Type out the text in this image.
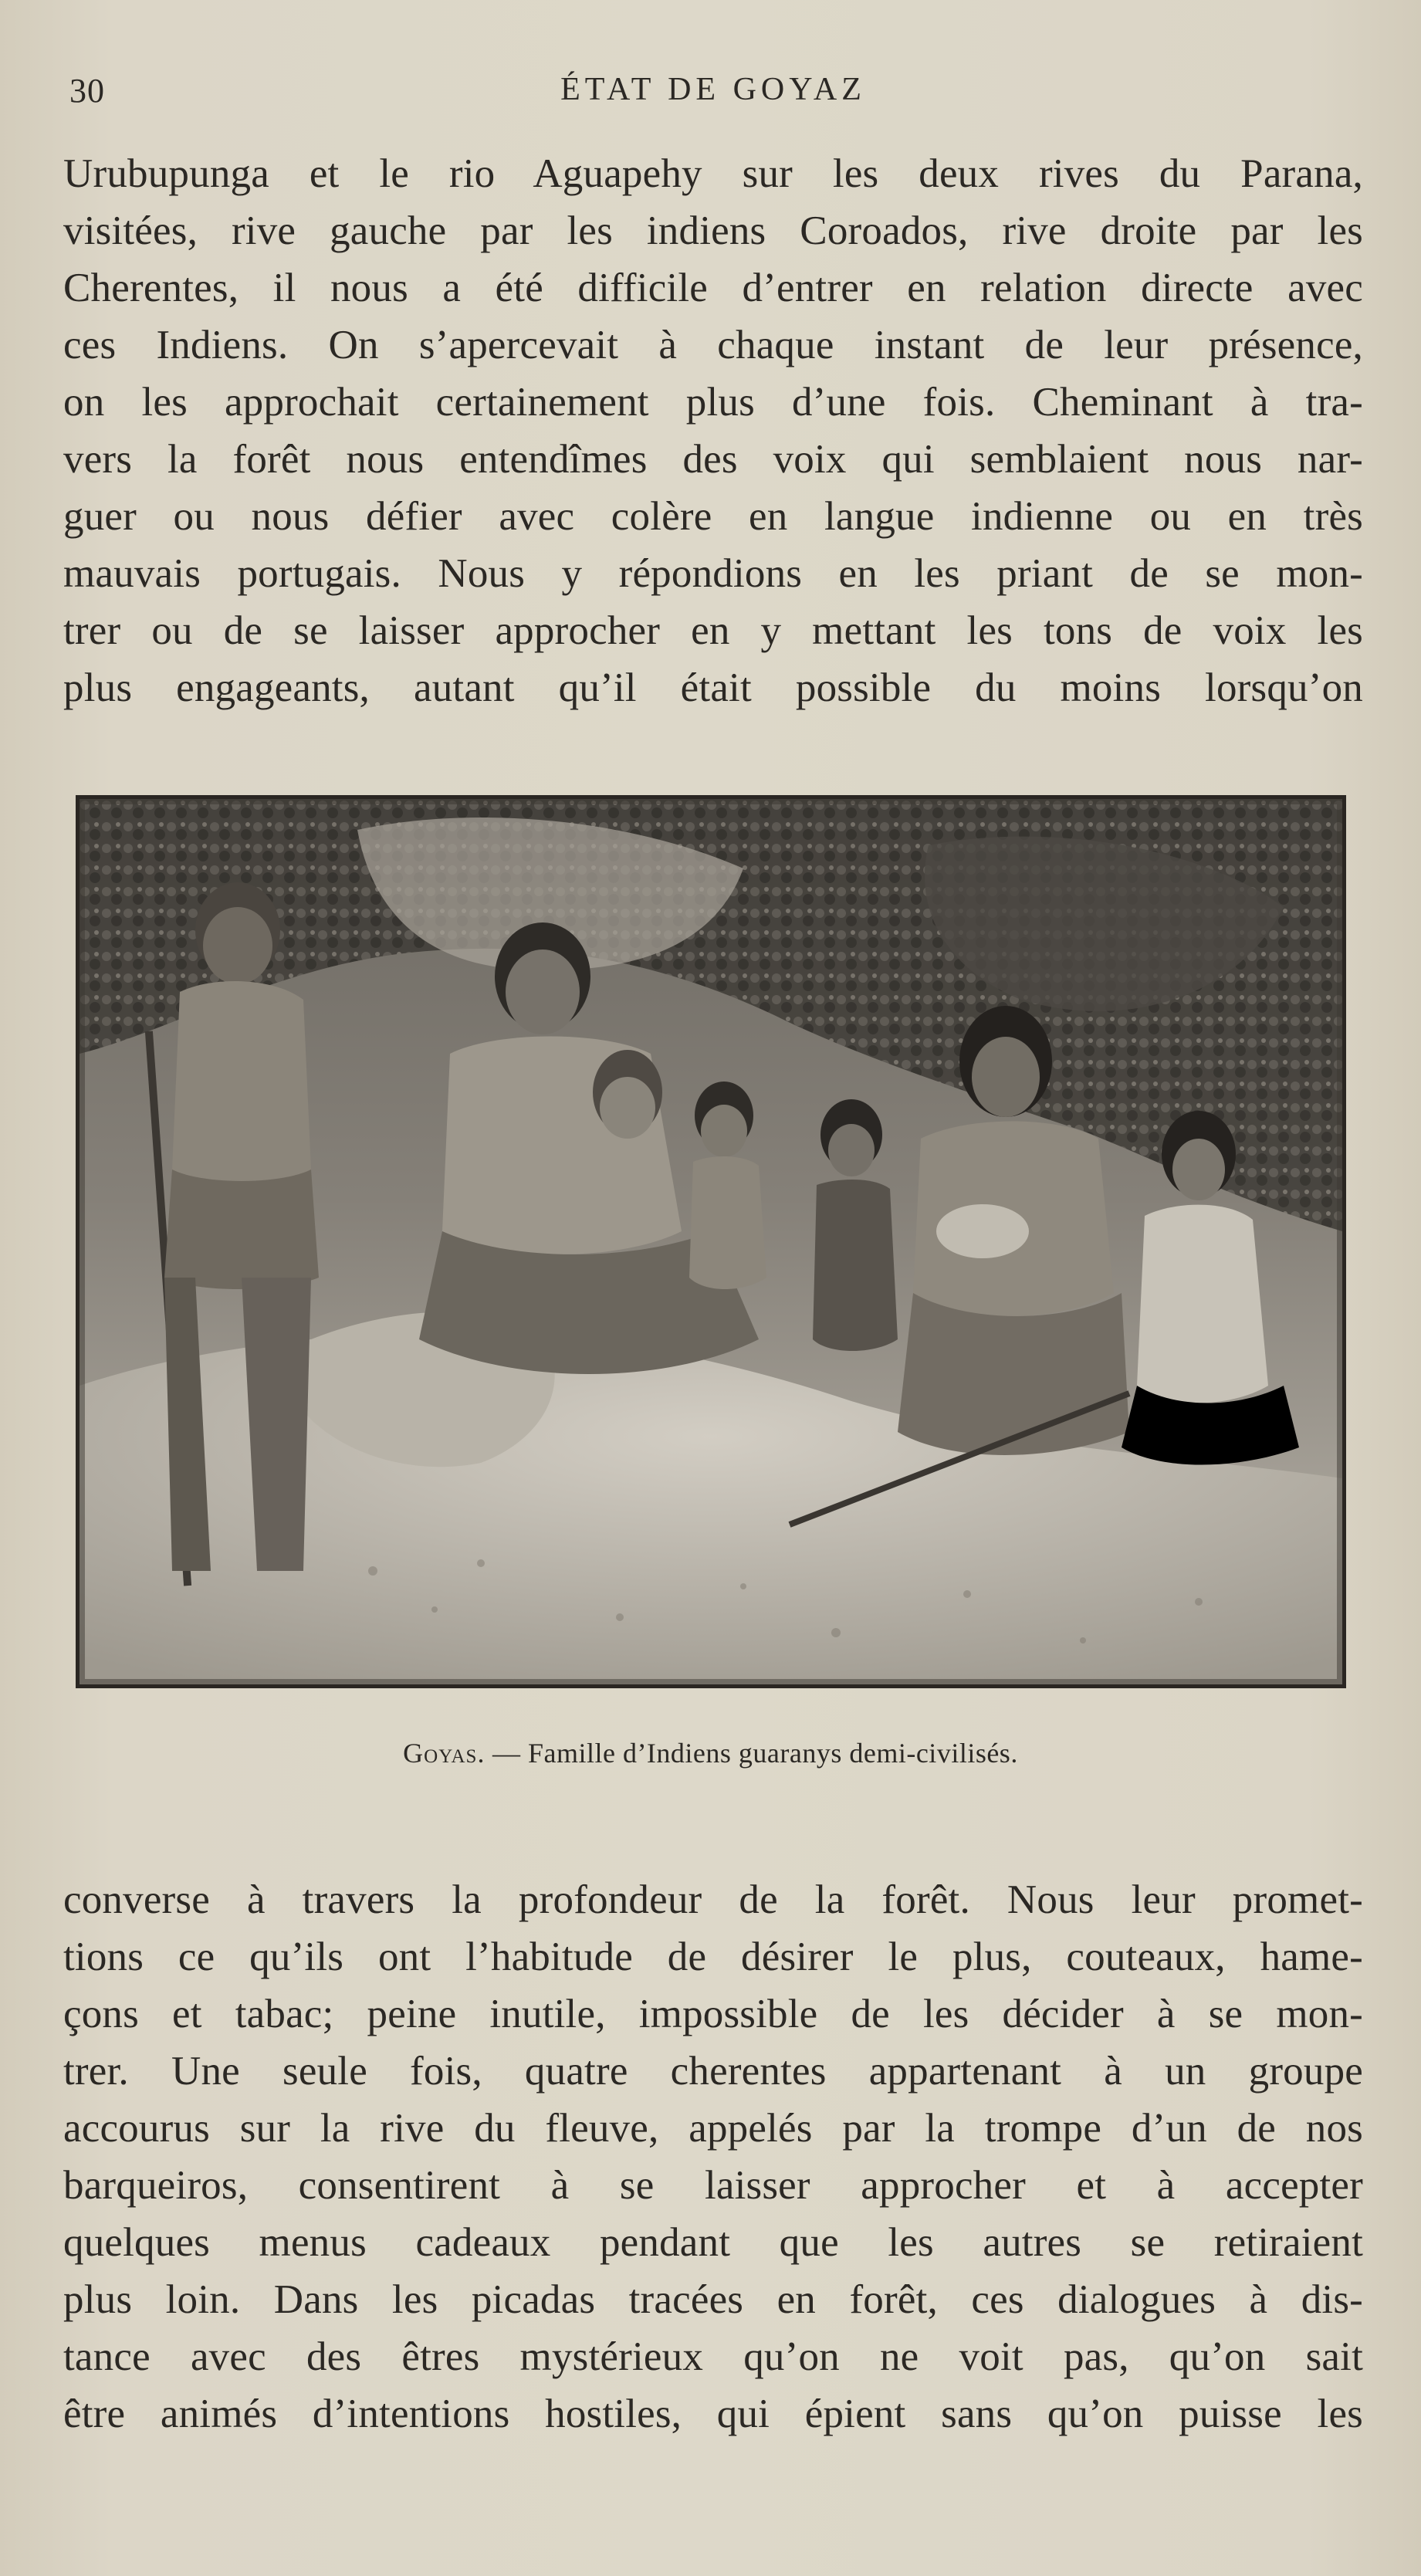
30	ÉTAT DE GOYAZ
Urubupunga et le rio Aguapehy sur les deux rives du Parana,
visitées, rive gauche par les indiens Coroados, rive droite par les
Cherentes, il nous a été difficile d’entrer en relation directe avec
ces Indiens. On s’apercevait à chaque instant de leur présence,
on les approchait certainement plus d’une fois. Cheminant à tra-
vers la forêt nous entendîmes des voix qui semblaient nous nar-
guer ou nous défier avec colère en langue indienne ou en très
mauvais portugais. Nous y répondions en les priant de se mon-
trer ou de se laisser approcher en y mettant les tons de voix les
plus engageants, autant qu’il était possible du moins lorsqu’on
Goyas. — Famille d’Indiens guaranys demi-civilisés.
converse à travers la profondeur de la forêt. Nous leur promet-
tions ce qu’ils ont l’habitude de désirer le plus, couteaux, hame-
çons et tabac; peine inutile, impossible de les décider à se mon-
trer. Une seule fois, quatre cherentes appartenant à un groupe
accourus sur la rive du fleuve, appelés par la trompe d’un de nos
barqueiros, consentirent à se laisser approcher et à accepter
quelques menus cadeaux pendant que les autres se retiraient
plus loin. Dans les picadas tracées en forêt, ces dialogues à dis-
tance avec des êtres mystérieux qu’on ne voit pas, qu’on sait
être animés d’intentions hostiles, qui épient sans qu’on puisse les
